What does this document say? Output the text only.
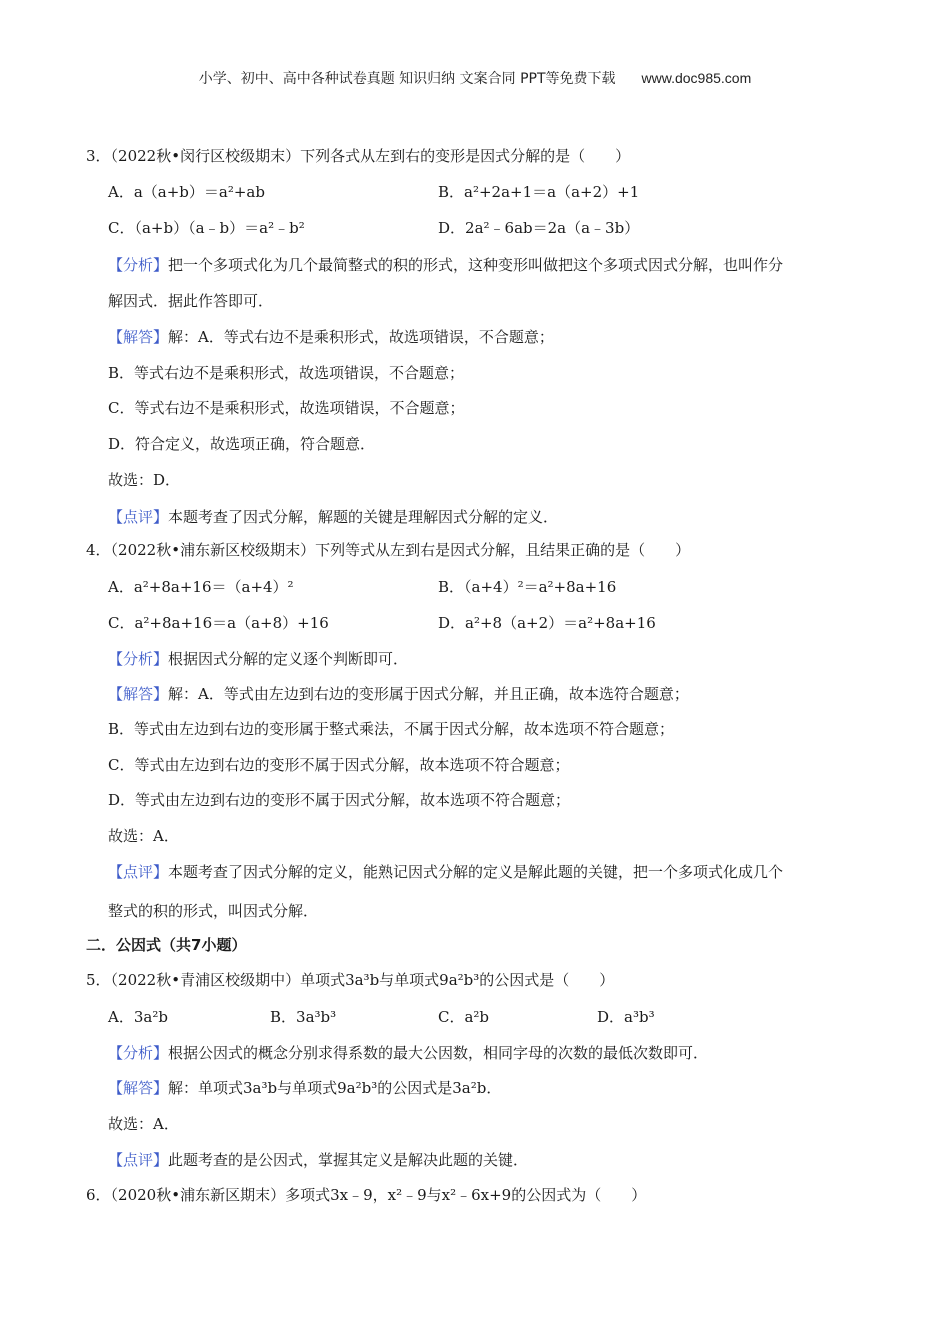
小学、初中、高中各种试卷真题 知识归纳 文案合同 PPT等免费下载 www.doc985.com
3．（2022秋•闵行区校级期末）下列各式从左到右的变形是因式分解的是（　　）
A．a（a+b）＝a²+ab	B．a²+2a+1＝a（a+2）+1
C．（a+b）（a﹣b）＝a²﹣b²	D．2a²﹣6ab＝2a（a﹣3b）
【分析】把一个多项式化为几个最简整式的积的形式，这种变形叫做把这个多项式因式分解，也叫作分
解因式．据此作答即可．
【解答】解：A．等式右边不是乘积形式，故选项错误，不合题意；
B．等式右边不是乘积形式，故选项错误，不合题意；
C．等式右边不是乘积形式，故选项错误，不合题意；
D．符合定义，故选项正确，符合题意．
故选：D．
【点评】本题考查了因式分解，解题的关键是理解因式分解的定义．
4．（2022秋•浦东新区校级期末）下列等式从左到右是因式分解，且结果正确的是（　　）
A．a²+8a+16＝（a+4）²	B．（a+4）²＝a²+8a+16
C．a²+8a+16＝a（a+8）+16	D．a²+8（a+2）＝a²+8a+16
【分析】根据因式分解的定义逐个判断即可．
【解答】解：A．等式由左边到右边的变形属于因式分解，并且正确，故本选符合题意；
B．等式由左边到右边的变形属于整式乘法，不属于因式分解，故本选项不符合题意；
C．等式由左边到右边的变形不属于因式分解，故本选项不符合题意；
D．等式由左边到右边的变形不属于因式分解，故本选项不符合题意；
故选：A．
【点评】本题考查了因式分解的定义，能熟记因式分解的定义是解此题的关键，把一个多项式化成几个
整式的积的形式，叫因式分解．
二．公因式（共7小题）
5．（2022秋•青浦区校级期中）单项式3a³b与单项式9a²b³的公因式是（　　）
A．3a²b	B．3a³b³	C．a²b	D．a³b³
【分析】根据公因式的概念分别求得系数的最大公因数，相同字母的次数的最低次数即可．
【解答】解：单项式3a³b与单项式9a²b³的公因式是3a²b．
故选：A．
【点评】此题考查的是公因式，掌握其定义是解决此题的关键．
6．（2020秋•浦东新区期末）多项式3x﹣9，x²﹣9与x²﹣6x+9的公因式为（　　）
